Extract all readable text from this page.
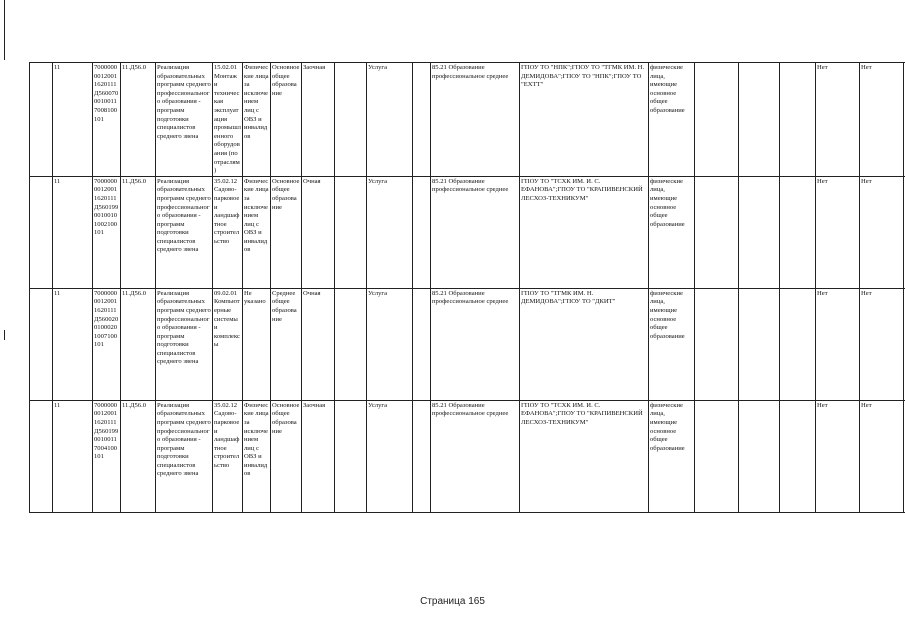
	11	700000000120011620111Д56007000100117008100101	11.Д56.0	Реализация образовательных программ среднего профессионального образования - программ подготовки специалистов среднего звена	15.02.01 Монтаж и техническая эксплуатация промышленного оборудования (по отраслям)	Физические лица за исключением лиц с ОВЗ и инвалидов	Основное общее образование	Заочная		Услуга		85.21 Образование профессиональное среднее	ГПОУ ТО "НПК";ГПОУ ТО "ТГМК ИМ. Н. ДЕМИДОВА";ГПОУ ТО "НПК";ГПОУ ТО "ЕХТТ"	физические лица, имеющие основное общее образование				Нет	Нет	
	11	700000000120011620111Д56019900100101002100101	11.Д56.0	Реализация образовательных программ среднего профессионального образования - программ подготовки специалистов среднего звена	35.02.12 Садово-парковое и ландшафтное строительство	Физические лица за исключением лиц с ОВЗ и инвалидов	Основное общее образование	Очная		Услуга		85.21 Образование профессиональное среднее	ГПОУ ТО "ТСХК ИМ. И. С. ЕФАНОВА";ГПОУ ТО "КРАПИВЕНСКИЙ ЛЕСХОЗ-ТЕХНИКУМ"	физические лица, имеющие основное общее образование				Нет	Нет	
	11	700000000120011620111Д56002001000201007100101	11.Д56.0	Реализация образовательных программ среднего профессионального образования - программ подготовки специалистов среднего звена	09.02.01 Компьютерные системы и комплексы	Не указано	Среднее общее образование	Очная		Услуга		85.21 Образование профессиональное среднее	ГПОУ ТО "ТГМК ИМ. Н. ДЕМИДОВА";ГПОУ ТО "ДКИТ"	физические лица, имеющие основное общее образование				Нет	Нет	
	11	700000000120011620111Д56019900100117004100101	11.Д56.0	Реализация образовательных программ среднего профессионального образования - программ подготовки специалистов среднего звена	35.02.12 Садово-парковое и ландшафтное строительство	Физические лица за исключением лиц с ОВЗ и инвалидов	Основное общее образование	Заочная		Услуга		85.21 Образование профессиональное среднее	ГПОУ ТО "ТСХК ИМ. И. С. ЕФАНОВА";ГПОУ ТО "КРАПИВЕНСКИЙ ЛЕСХОЗ-ТЕХНИКУМ"	физические лица, имеющие основное общее образование				Нет	Нет	
Страница 165
